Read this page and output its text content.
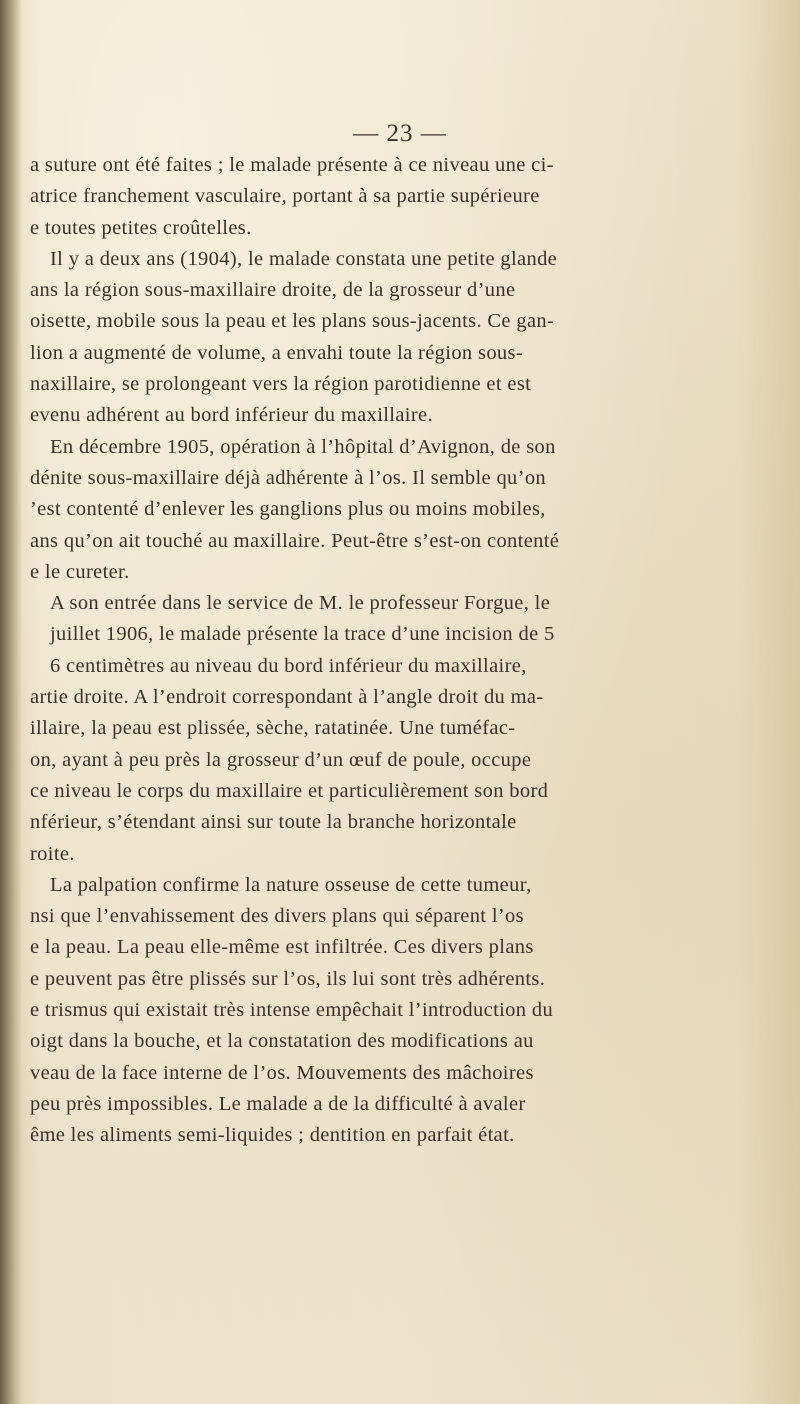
— 23 —
a suture ont été faites ; le malade présente à ce niveau une ci-
atrice franchement vasculaire, portant à sa partie supérieure
e toutes petites croûtelles.
Il y a deux ans (1904), le malade constata une petite glande
ans la région sous-maxillaire droite, de la grosseur d’une
oisette, mobile sous la peau et les plans sous-jacents. Ce gan-
lion a augmenté de volume, a envahi toute la région sous-
naxillaire, se prolongeant vers la région parotidienne et est
evenu adhérent au bord inférieur du maxillaire.
En décembre 1905, opération à l’hôpital d’Avignon, de son
dénite sous-maxillaire déjà adhérente à l’os. Il semble qu’on
’est contenté d’enlever les ganglions plus ou moins mobiles,
ans qu’on ait touché au maxillaire. Peut-être s’est-on contenté
e le cureter.
A son entrée dans le service de M. le professeur Forgue, le
juillet 1906, le malade présente la trace d’une incision de 5
6 centimètres au niveau du bord inférieur du maxillaire,
artie droite. A l’endroit correspondant à l’angle droit du ma-
illaire, la peau est plissée, sèche, ratatinée. Une tuméfac-
on, ayant à peu près la grosseur d’un œuf de poule, occupe
ce niveau le corps du maxillaire et particulièrement son bord
nférieur, s’étendant ainsi sur toute la branche horizontale
roite.
La palpation confirme la nature osseuse de cette tumeur,
nsi que l’envahissement des divers plans qui séparent l’os
e la peau. La peau elle-même est infiltrée. Ces divers plans
e peuvent pas être plissés sur l’os, ils lui sont très adhérents.
e trismus qui existait très intense empêchait l’introduction du
oigt dans la bouche, et la constatation des modifications au
veau de la face interne de l’os. Mouvements des mâchoires
peu près impossibles. Le malade a de la difficulté à avaler
ême les aliments semi-liquides ; dentition en parfait état.
